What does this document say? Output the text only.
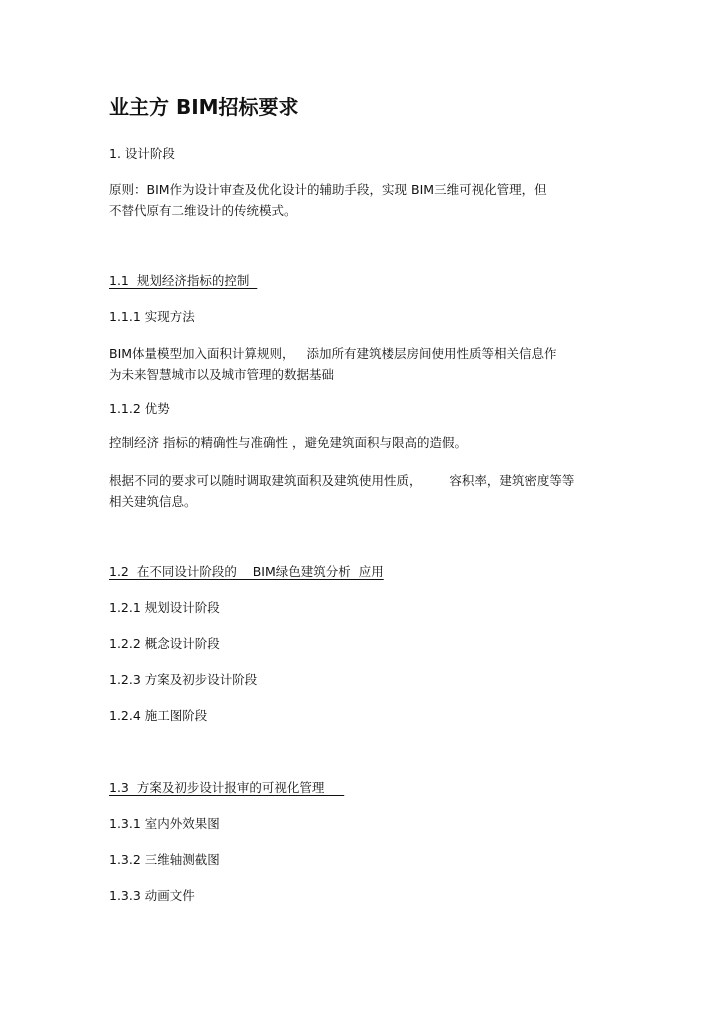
业主方 BIM招标要求
1. 设计阶段
原则：BIM作为设计审查及优化设计的辅助手段，实现 BIM三维可视化管理，但
不替代原有二维设计的传统模式。
1.1  规划经济指标的控制
1.1.1 实现方法
BIM体量模型加入面积计算规则，   添加所有建筑楼层房间使用性质等相关信息作
为未来智慧城市以及城市管理的数据基础
1.1.2 优势
控制经济 指标的精确性与准确性 ，避免建筑面积与限高的造假。
根据不同的要求可以随时调取建筑面积及建筑使用性质，       容积率，建筑密度等等
相关建筑信息。
1.2  在不同设计阶段的    BIM绿色建筑分析  应用
1.2.1 规划设计阶段
1.2.2 概念设计阶段
1.2.3 方案及初步设计阶段
1.2.4 施工图阶段
1.3  方案及初步设计报审的可视化管理
1.3.1 室内外效果图
1.3.2 三维轴测截图
1.3.3 动画文件
